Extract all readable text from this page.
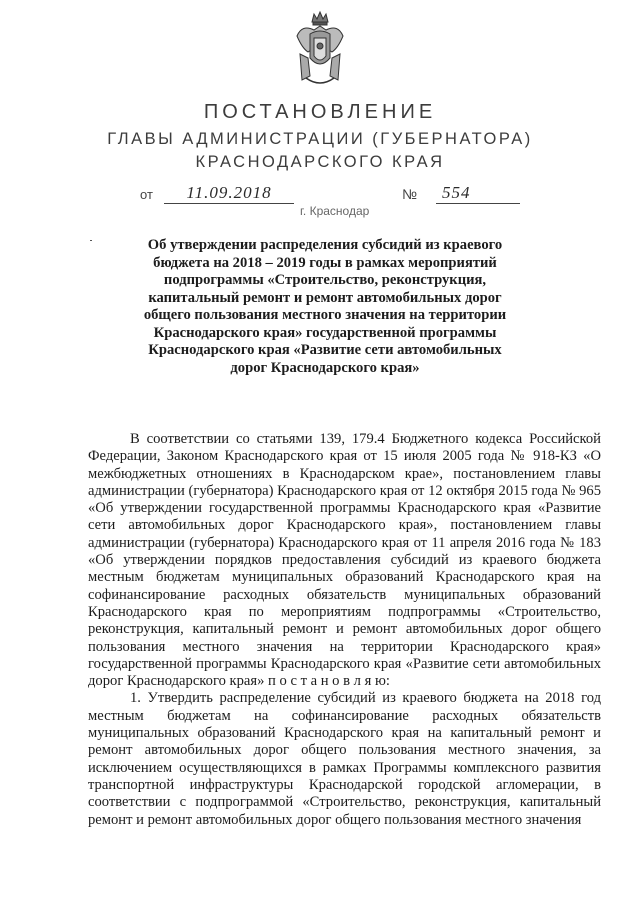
ПОСТАНОВЛЕНИЕ
ГЛАВЫ АДМИНИСТРАЦИИ (ГУБЕРНАТОРА)
КРАСНОДАРСКОГО КРАЯ
от	11.09.2018	№	554
г. Краснодар

Об утверждении распределения субсидий из краевого бюджета на 2018 – 2019 годы в рамках мероприятий подпрограммы «Строительство, реконструкция, капитальный ремонт и ремонт автомобильных дорог общего пользования местного значения на территории Краснодарского края» государственной программы Краснодарского края «Развитие сети автомобильных дорог Краснодарского края»

В соответствии со статьями 139, 179.4 Бюджетного кодекса Российской Федерации, Законом Краснодарского края от 15 июля 2005 года № 918-КЗ «О межбюджетных отношениях в Краснодарском крае», постановлением главы администрации (губернатора) Краснодарского края от 12 октября 2015 года № 965 «Об утверждении государственной программы Краснодарского края «Развитие сети автомобильных дорог Краснодарского края», постановлением главы администрации (губернатора) Краснодарского края от 11 апреля 2016 года № 183 «Об утверждении порядков предоставления субсидий из краевого бюджета местным бюджетам муниципальных образований Краснодарского края на софинансирование расходных обязательств муниципальных образований Краснодарского края по мероприятиям подпрограммы «Строительство, реконструкция, капитальный ремонт и ремонт автомобильных дорог общего пользования местного значения на территории Краснодарского края» государственной программы Краснодарского края «Развитие сети автомобильных дорог Краснодарского края» п о с т а н о в л я ю:

1. Утвердить распределение субсидий из краевого бюджета на 2018 год местным бюджетам на софинансирование расходных обязательств муниципальных образований Краснодарского края на капитальный ремонт и ремонт автомобильных дорог общего пользования местного значения, за исключением осуществляющихся в рамках Программы комплексного развития транспортной инфраструктуры Краснодарской городской агломерации, в соответствии с подпрограммой «Строительство, реконструкция, капитальный ремонт и ремонт автомобильных дорог общего пользования местного значения
